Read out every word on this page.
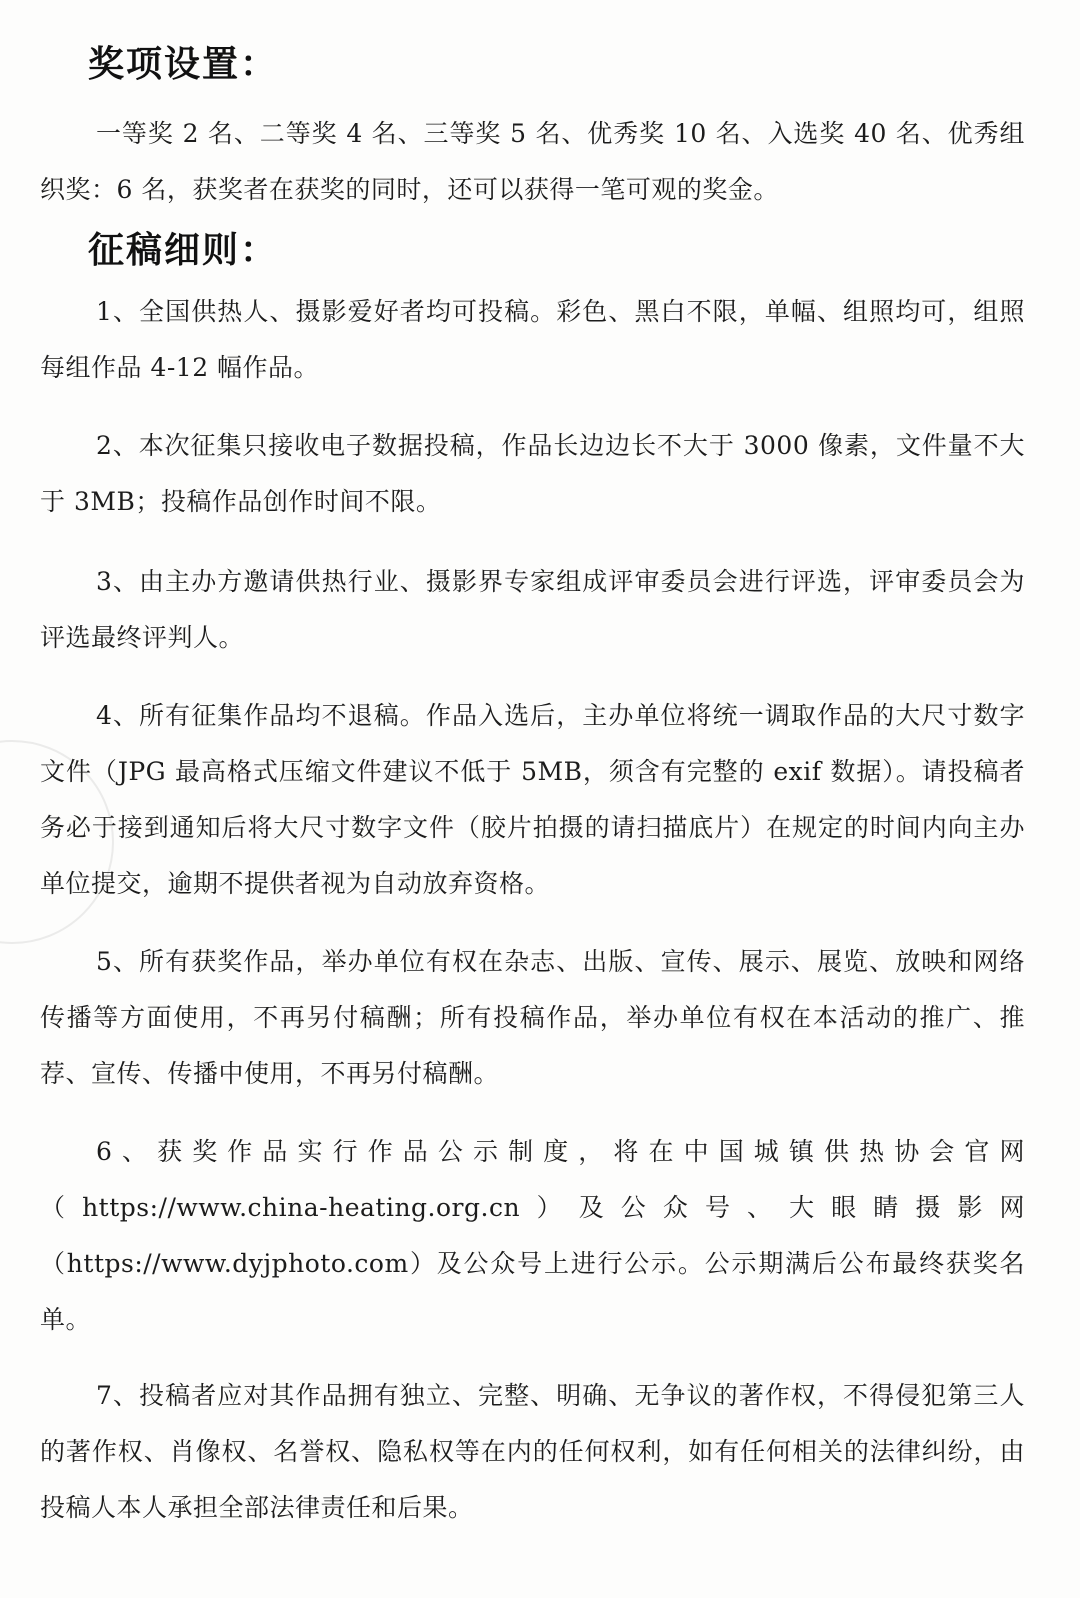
奖项设置：
一等奖 2 名、二等奖 4 名、三等奖 5 名、优秀奖 10 名、入选奖 40 名、优秀组织奖：6 名，获奖者在获奖的同时，还可以获得一笔可观的奖金。
征稿细则：
1、全国供热人、摄影爱好者均可投稿。彩色、黑白不限，单幅、组照均可，组照每组作品 4-12 幅作品。
2、本次征集只接收电子数据投稿，作品长边边长不大于 3000 像素，文件量不大于 3MB；投稿作品创作时间不限。
3、由主办方邀请供热行业、摄影界专家组成评审委员会进行评选，评审委员会为评选最终评判人。
4、所有征集作品均不退稿。作品入选后，主办单位将统一调取作品的大尺寸数字文件（JPG 最高格式压缩文件建议不低于 5MB，须含有完整的 exif 数据）。请投稿者务必于接到通知后将大尺寸数字文件（胶片拍摄的请扫描底片）在规定的时间内向主办单位提交，逾期不提供者视为自动放弃资格。
5、所有获奖作品，举办单位有权在杂志、出版、宣传、展示、展览、放映和网络传播等方面使用，不再另付稿酬；所有投稿作品，举办单位有权在本活动的推广、推荐、宣传、传播中使用，不再另付稿酬。
6、获奖作品实行作品公示制度，将在中国城镇供热协会官网（https://www.china-heating.org.cn）及公众号、大眼睛摄影网（https://www.dyjphoto.com）及公众号上进行公示。公示期满后公布最终获奖名单。
7、投稿者应对其作品拥有独立、完整、明确、无争议的著作权，不得侵犯第三人的著作权、肖像权、名誉权、隐私权等在内的任何权利，如有任何相关的法律纠纷，由投稿人本人承担全部法律责任和后果。
